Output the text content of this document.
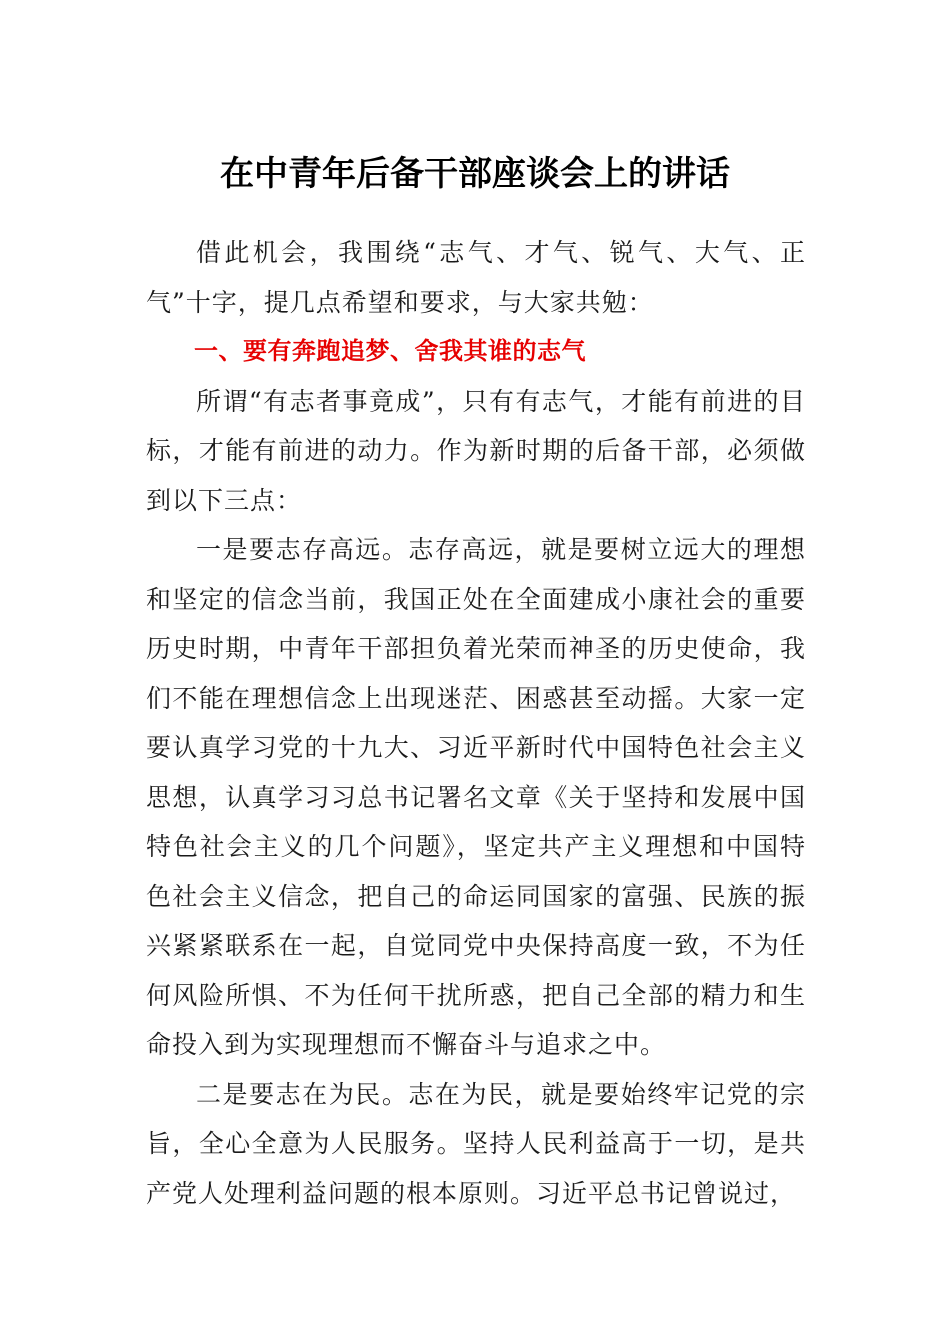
在中青年后备干部座谈会上的讲话

借此机会，我围绕“志气、才气、锐气、大气、正气”十字，提几点希望和要求，与大家共勉：

一、要有奔跑追梦、舍我其谁的志气

所谓“有志者事竟成”，只有有志气，才能有前进的目标，才能有前进的动力。作为新时期的后备干部，必须做到以下三点：

一是要志存高远。志存高远，就是要树立远大的理想和坚定的信念当前，我国正处在全面建成小康社会的重要历史时期，中青年干部担负着光荣而神圣的历史使命，我们不能在理想信念上出现迷茫、困惑甚至动摇。大家一定要认真学习党的十九大、习近平新时代中国特色社会主义思想，认真学习习总书记署名文章《关于坚持和发展中国特色社会主义的几个问题》，坚定共产主义理想和中国特色社会主义信念，把自己的命运同国家的富强、民族的振兴紧紧联系在一起，自觉同党中央保持高度一致，不为任何风险所惧、不为任何干扰所惑，把自己全部的精力和生命投入到为实现理想而不懈奋斗与追求之中。

二是要志在为民。志在为民，就是要始终牢记党的宗旨，全心全意为人民服务。坚持人民利益高于一切，是共产党人处理利益问题的根本原则。习近平总书记曾说过，
